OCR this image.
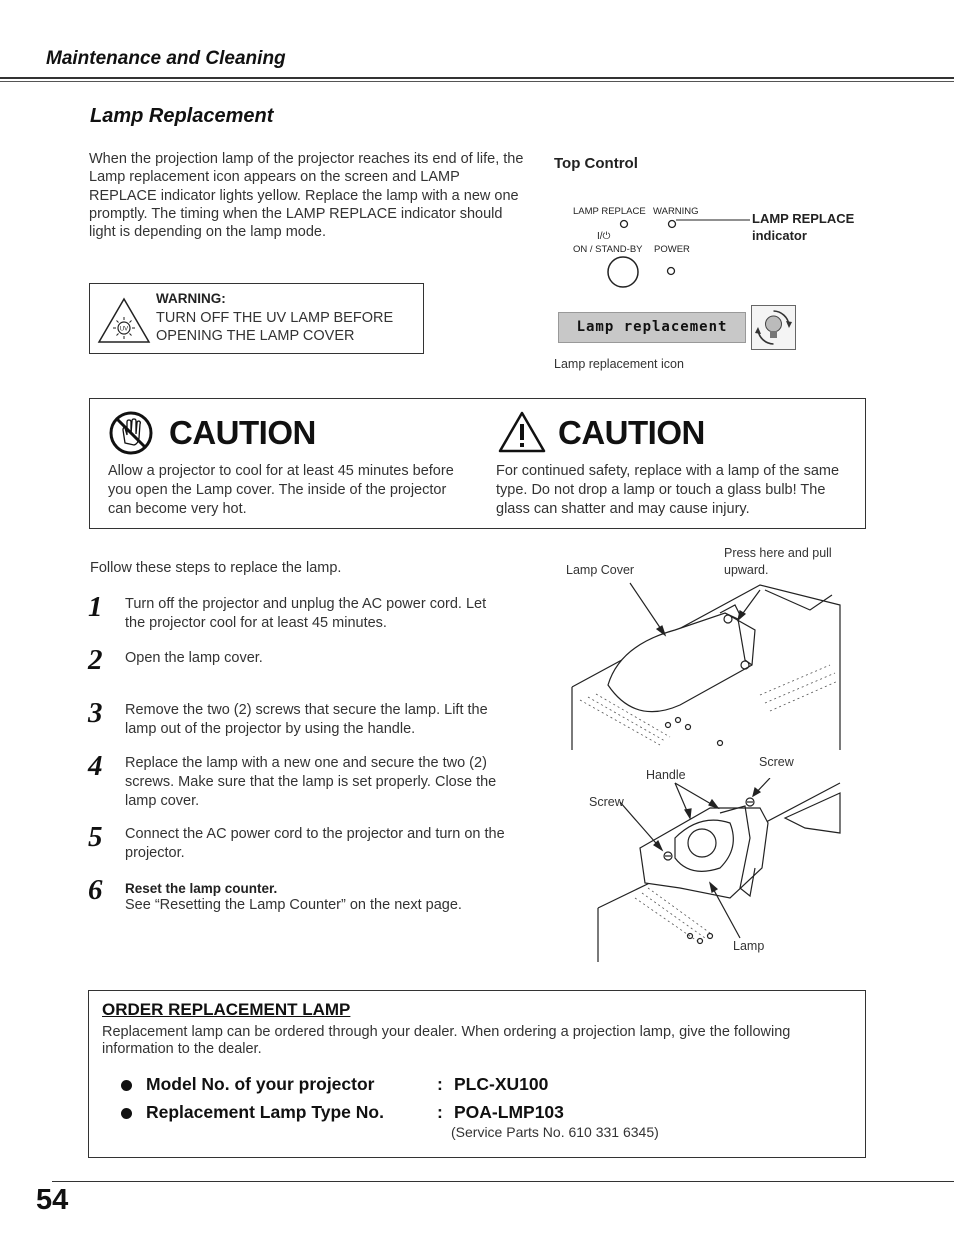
Maintenance and Cleaning
Lamp Replacement
When the projection lamp of the projector reaches its end of life, the Lamp replacement icon appears on the screen and LAMP REPLACE indicator lights yellow. Replace the lamp with a new one promptly. The timing when the LAMP REPLACE indicator should light is depending on the lamp mode.
UV
WARNING:
TURN OFF THE UV LAMP BEFORE OPENING THE LAMP COVER
Top Control
LAMP REPLACE WARNING
I/⏻
ON / STAND-BY POWER
LAMP REPLACE indicator
Lamp replacement
Lamp replacement icon
CAUTION
Allow a projector to cool for at least 45 minutes before you open the Lamp cover. The inside of the projector can become very hot.
CAUTION
For continued safety, replace with a lamp of the same type. Do not drop a lamp or touch a glass bulb! The glass can shatter and may cause injury.
Follow these steps to replace the lamp.
1 Turn off the projector and unplug the AC power cord. Let the projector cool for at least 45 minutes.
2 Open the lamp cover.
3 Remove the two (2) screws that secure the lamp. Lift the lamp out of the projector by using the handle.
4 Replace the lamp with a new one and secure the two (2) screws. Make sure that the lamp is set properly. Close the lamp cover.
5 Connect the AC power cord to the projector and turn on the projector.
6 Reset the lamp counter.
See “Resetting the Lamp Counter” on the next page.
Lamp Cover
Press here and pull upward.
Handle
Screw
Screw
Lamp
ORDER REPLACEMENT LAMP
Replacement lamp can be ordered through your dealer. When ordering a projection lamp, give the following information to the dealer.
Model No. of your projector	: PLC-XU100
Replacement Lamp Type No.	: POA-LMP103
(Service Parts No. 610 331 6345)
54
